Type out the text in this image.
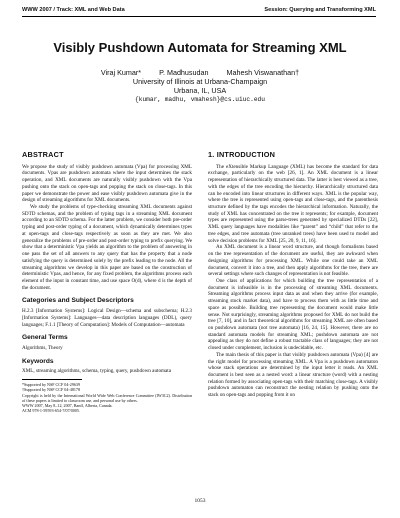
WWW 2007 / Track: XML and Web Data	Session: Querying and Transforming XML
Visibly Pushdown Automata for Streaming XML
Viraj Kumar*	P. Madhusudan	Mahesh Viswanathan†
University of Illinois at Urbana-Champaign
Urbana, IL, USA
{kumar, madhu, vmahesh}@cs.uiuc.edu
ABSTRACT

We propose the study of visibly pushdown automata (Vpa) for processing XML documents. Vpas are pushdown automata where the input determines the stack operation, and XML documents are naturally visibly pushdown with the Vpa pushing onto the stack on open-tags and popping the stack on close-tags. In this paper we demonstrate the power and ease visibly pushdown automata give in the design of streaming algorithms for XML documents.

We study the problems of type-checking streaming XML documents against SDTD schemas, and the problem of typing tags in a streaming XML document according to an SDTD schema. For the latter problem, we consider both pre-order typing and post-order typing of a document, which dynamically determines types at open-tags and close-tags respectively as soon as they are met. We also generalize the problems of pre-order and post-order typing to prefix querying. We show that a deterministic Vpa yields an algorithm to the problem of answering in one pass the set of all answers to any query that has the property that a node satisfying the query is determined solely by the prefix leading to the node. All the streaming algorithms we develop in this paper are based on the construction of deterministic Vpas, and hence, for any fixed problem, the algorithms process each element of the input in constant time, and use space O(d), where d is the depth of the document.

Categories and Subject Descriptors

H.2.3 [Information Systems]: Logical Design—schema and subschema; H.2.3 [Information Systems]: Languages—data description languages (DDL), query languages; F.1.1 [Theory of Computation]: Models of Computation—automata

General Terms

Algorithms, Theory

Keywords

XML, streaming algorithms, schema, typing, query, pushdown automata

*Supported by NSF CCF 04-29639

†Supported by NSF CCF 04-48178

Copyright is held by the International World Wide Web Conference Committee (IW3C2). Distribution of these papers is limited to classroom use, and personal use by others.

WWW 2007, May 8–12, 2007, Banff, Alberta, Canada.

ACM 978-1-59593-654-7/07/0005.

1. INTRODUCTION

The eXtensible Markup Language (XML) has become the standard for data exchange, particularly on the web [26, 1]. An XML document is a linear representation of hierarchically structured data. The latter is best viewed as a tree, with the edges of the tree encoding the hierarchy. Hierarchically structured data can be encoded into linear structures in different ways. XML is the popular way, where the tree is represented using open-tags and close-tags, and the parenthesis structure defined by the tags encodes the hierarchical information. Naturally, the study of XML has concentrated on the tree it represents; for example, document types are represented using the parse-trees generated by specialized DTDs [22], XML query languages have modalities like “parent” and “child” that refer to the tree edges, and tree automata (tree unranked trees) have been used to model and solve decision problems for XML [25, 20, 9, 11, 16].

An XML document is a linear word structure, and though formalisms based on the tree representation of the document are useful, they are awkward when designing algorithms for processing XML. While one could take an XML document, convert it into a tree, and then apply algorithms for the tree, there are several settings where such changes of representation is not feasible.

One class of applications for which building the tree representation of a document is infeasible is in the processing of streaming XML documents. Streaming algorithms process input data as and when they arrive (for example, streaming stock market data), and have to process them with as little time and space as possible. Building tree representing the document would make little sense. Not surprisingly, streaming algorithms proposed for XML do not build the tree [7, 10], and in fact theoretical algorithms for streaming XML are often based on pushdown automata (not tree automata) [16, 24, 15]. However, there are no standard automata models for streaming XML; pushdown automata are not appealing as they do not define a robust tractable class of languages; they are not closed under complement, inclusion is undecidable, etc.

The main thesis of this paper is that visibly pushdown automata (Vpa) [4] are the right model for processing streaming XML. A Vpa is a pushdown automaton whose stack operations are determined by the input letter it reads. An XML document is best seen as a nested word: a linear structure (word) with a nesting relation formed by associating open-tags with their matching close-tags. A visibly pushdown automaton can reconstruct the nesting relation by pushing onto the stack on open-tags and popping from it on

1053
